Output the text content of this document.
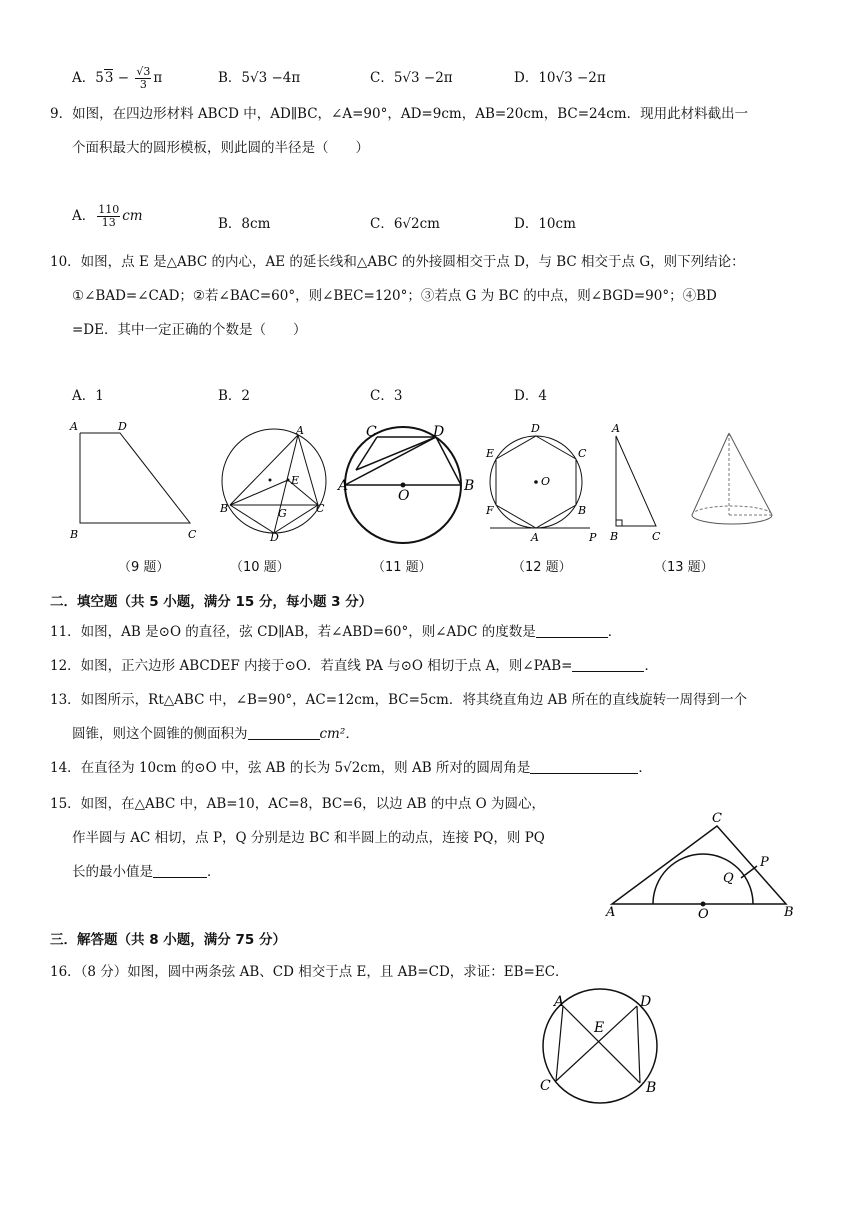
A．$53 - \frac{√3}{3}$ π	B．5√3 −4π	C．5√3 −2π	D．10√3 −2π
9．如图，在四边形材料 ABCD 中，AD∥BC，∠A=90°，AD=9cm，AB=20cm，BC=24cm．现用此材料截出一
个面积最大的圆形模板，则此圆的半径是（　　）
A． $\frac{110}{13}$ cm	B．8cm	C．6√2cm	D．10cm
10．如图，点 E 是△ABC 的内心，AE 的延长线和△ABC 的外接圆相交于点 D，与 BC 相交于点 G，则下列结论：
①∠BAD=∠CAD；②若∠BAC=60°，则∠BEC=120°；③若点 G 为 BC 的中点，则∠BGD=90°；④BD
=DE．其中一定正确的个数是（　　）
A．1	B．2	C．3	D．4
A	D
B	C
A
B	C
D
E
G
A	B
C	D
O
D
C
B
A
F
E
O
P
A
B	C
（9 题）	（10 题）	（11 题）	（12 题）	（13 题）
二．填空题（共 5 小题，满分 15 分，每小题 3 分）
11．如图，AB 是⊙O 的直径，弦 CD∥AB，若∠ABD=60°，则∠ADC 的度数是	．
12．如图，正六边形 ABCDEF 内接于⊙O．若直线 PA 与⊙O 相切于点 A，则∠PAB=	．
13．如图所示，Rt△ABC 中，∠B=90°，AC=12cm，BC=5cm．将其绕直角边 AB 所在的直线旋转一周得到一个
圆锥，则这个圆锥的侧面积为	cm²．
14．在直径为 10cm 的⊙O 中，弦 AB 的长为 5√2cm，则 AB 所对的圆周角是	．
15．如图，在△ABC 中，AB=10，AC=8，BC=6，以边 AB 的中点 O 为圆心，
作半圆与 AC 相切，点 P，Q 分别是边 BC 和半圆上的动点，连接 PQ，则 PQ
长的最小值是	．
A	B
C
O
P
Q
三．解答题（共 8 小题，满分 75 分）
16．（8 分）如图，圆中两条弦 AB、CD 相交于点 E，且 AB=CD，求证：EB=EC．
A	D
E
C	B
